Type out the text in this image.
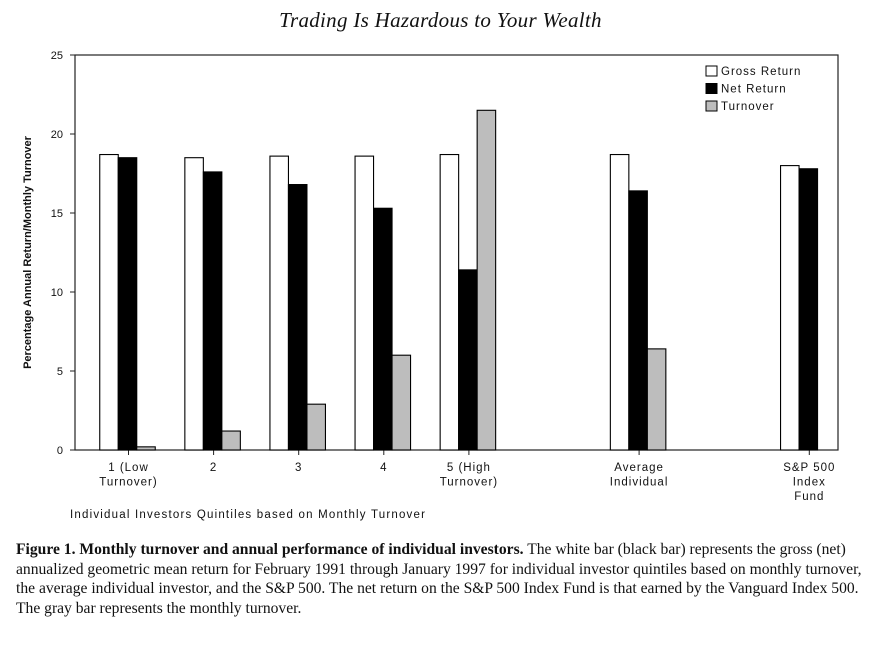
Trading Is Hazardous to Your Wealth
0
5
10
15
20
25
Percentage Annual Return/Monthly Turnover
1 (Low
Turnover)
2	3	4	5 (High
Turnover)
Average
Individual
S&P 500
Index
Fund
Gross Return
Net Return
Turnover
Individual Investors Quintiles based on Monthly Turnover
Figure 1. Monthly turnover and annual performance of individual investors. The white bar (black bar) represents the gross (net) annualized geometric mean return for February 1991 through January 1997 for individual investor quintiles based on monthly turnover, the average individual investor, and the S&P 500. The net return on the S&P 500 Index Fund is that earned by the Vanguard Index 500. The gray bar represents the monthly turnover.
